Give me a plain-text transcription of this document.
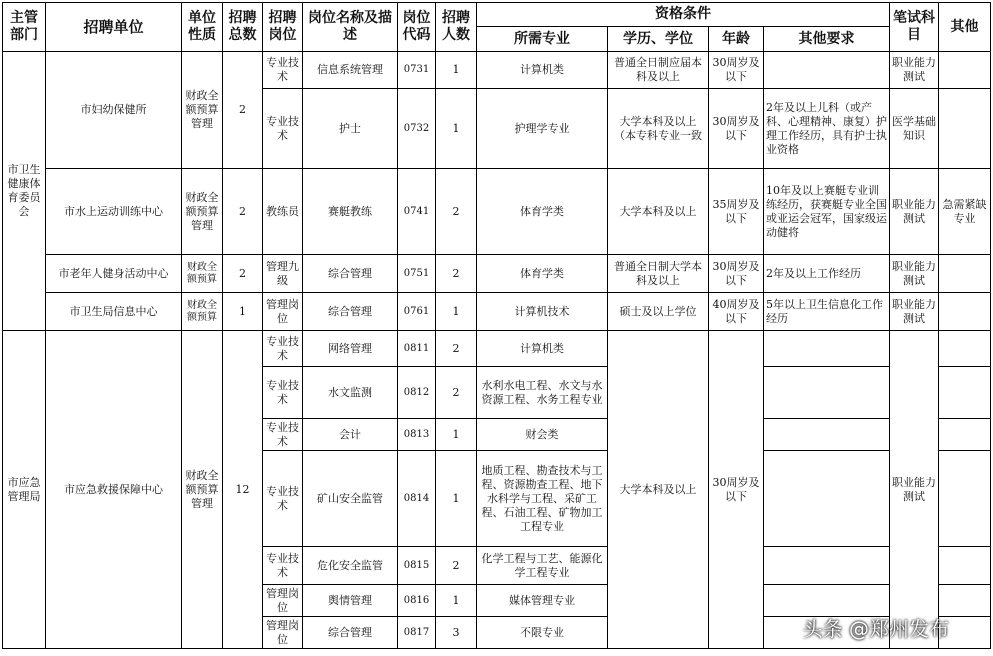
主管部门	招聘单位	单位性质	招聘总数	招聘岗位	岗位名称及描述	岗位代码	招聘人数	资格条件				笔试科目	其他
								所需专业	学历、学位	年龄	其他要求		
市卫生健康体育委员会	市妇幼保健所	财政全额预算管理	2	专业技术	信息系统管理	0731	1	计算机类	普通全日制应届本科及以上	30周岁及以下		职业能力测试	
				专业技术	护士	0732	1	护理学专业	大学本科及以上（本专科专业一致	30周岁及以下	2年及以上儿科（或产科、心理精神、康复）护理工作经历，具有护士执业资格	医学基础知识	
	市水上运动训练中心	财政全额预算管理	2	教练员	赛艇教练	0741	2	体育学类	大学本科及以上	35周岁及以下	10年及以上赛艇专业训练经历，获赛艇专业全国或亚运会冠军，国家级运动健将	职业能力测试	急需紧缺专业
	市老年人健身活动中心	财政全额预算	2	管理九级	综合管理	0751	2	体育学类	普通全日制大学本科及以上	30周岁及以下	2年及以上工作经历	职业能力测试	
	市卫生局信息中心	财政全额预算	1	管理岗位	综合管理	0761	1	计算机技术	硕士及以上学位	40周岁及以下	5年以上卫生信息化工作经历	职业能力测试	
市应急管理局	市应急救援保障中心	财政全额预算管理	12	专业技术	网络管理	0811	2	计算机类	大学本科及以上	30周岁及以下		职业能力测试	
				专业技术	水文监测	0812	2	水利水电工程、水文与水资源工程、水务工程专业					
				专业技术	会计	0813	1	财会类					
				专业技术	矿山安全监管	0814	1	地质工程、勘查技术与工程、资源勘查工程、地下水科学与工程、采矿工程、石油工程、矿物加工工程专业					
				专业技术	危化安全监管	0815	2	化学工程与工艺、能源化学工程专业					
				管理岗位	舆情管理	0816	1	媒体管理专业					
				管理岗位	综合管理	0817	3	不限专业						头条 @郑州发布
